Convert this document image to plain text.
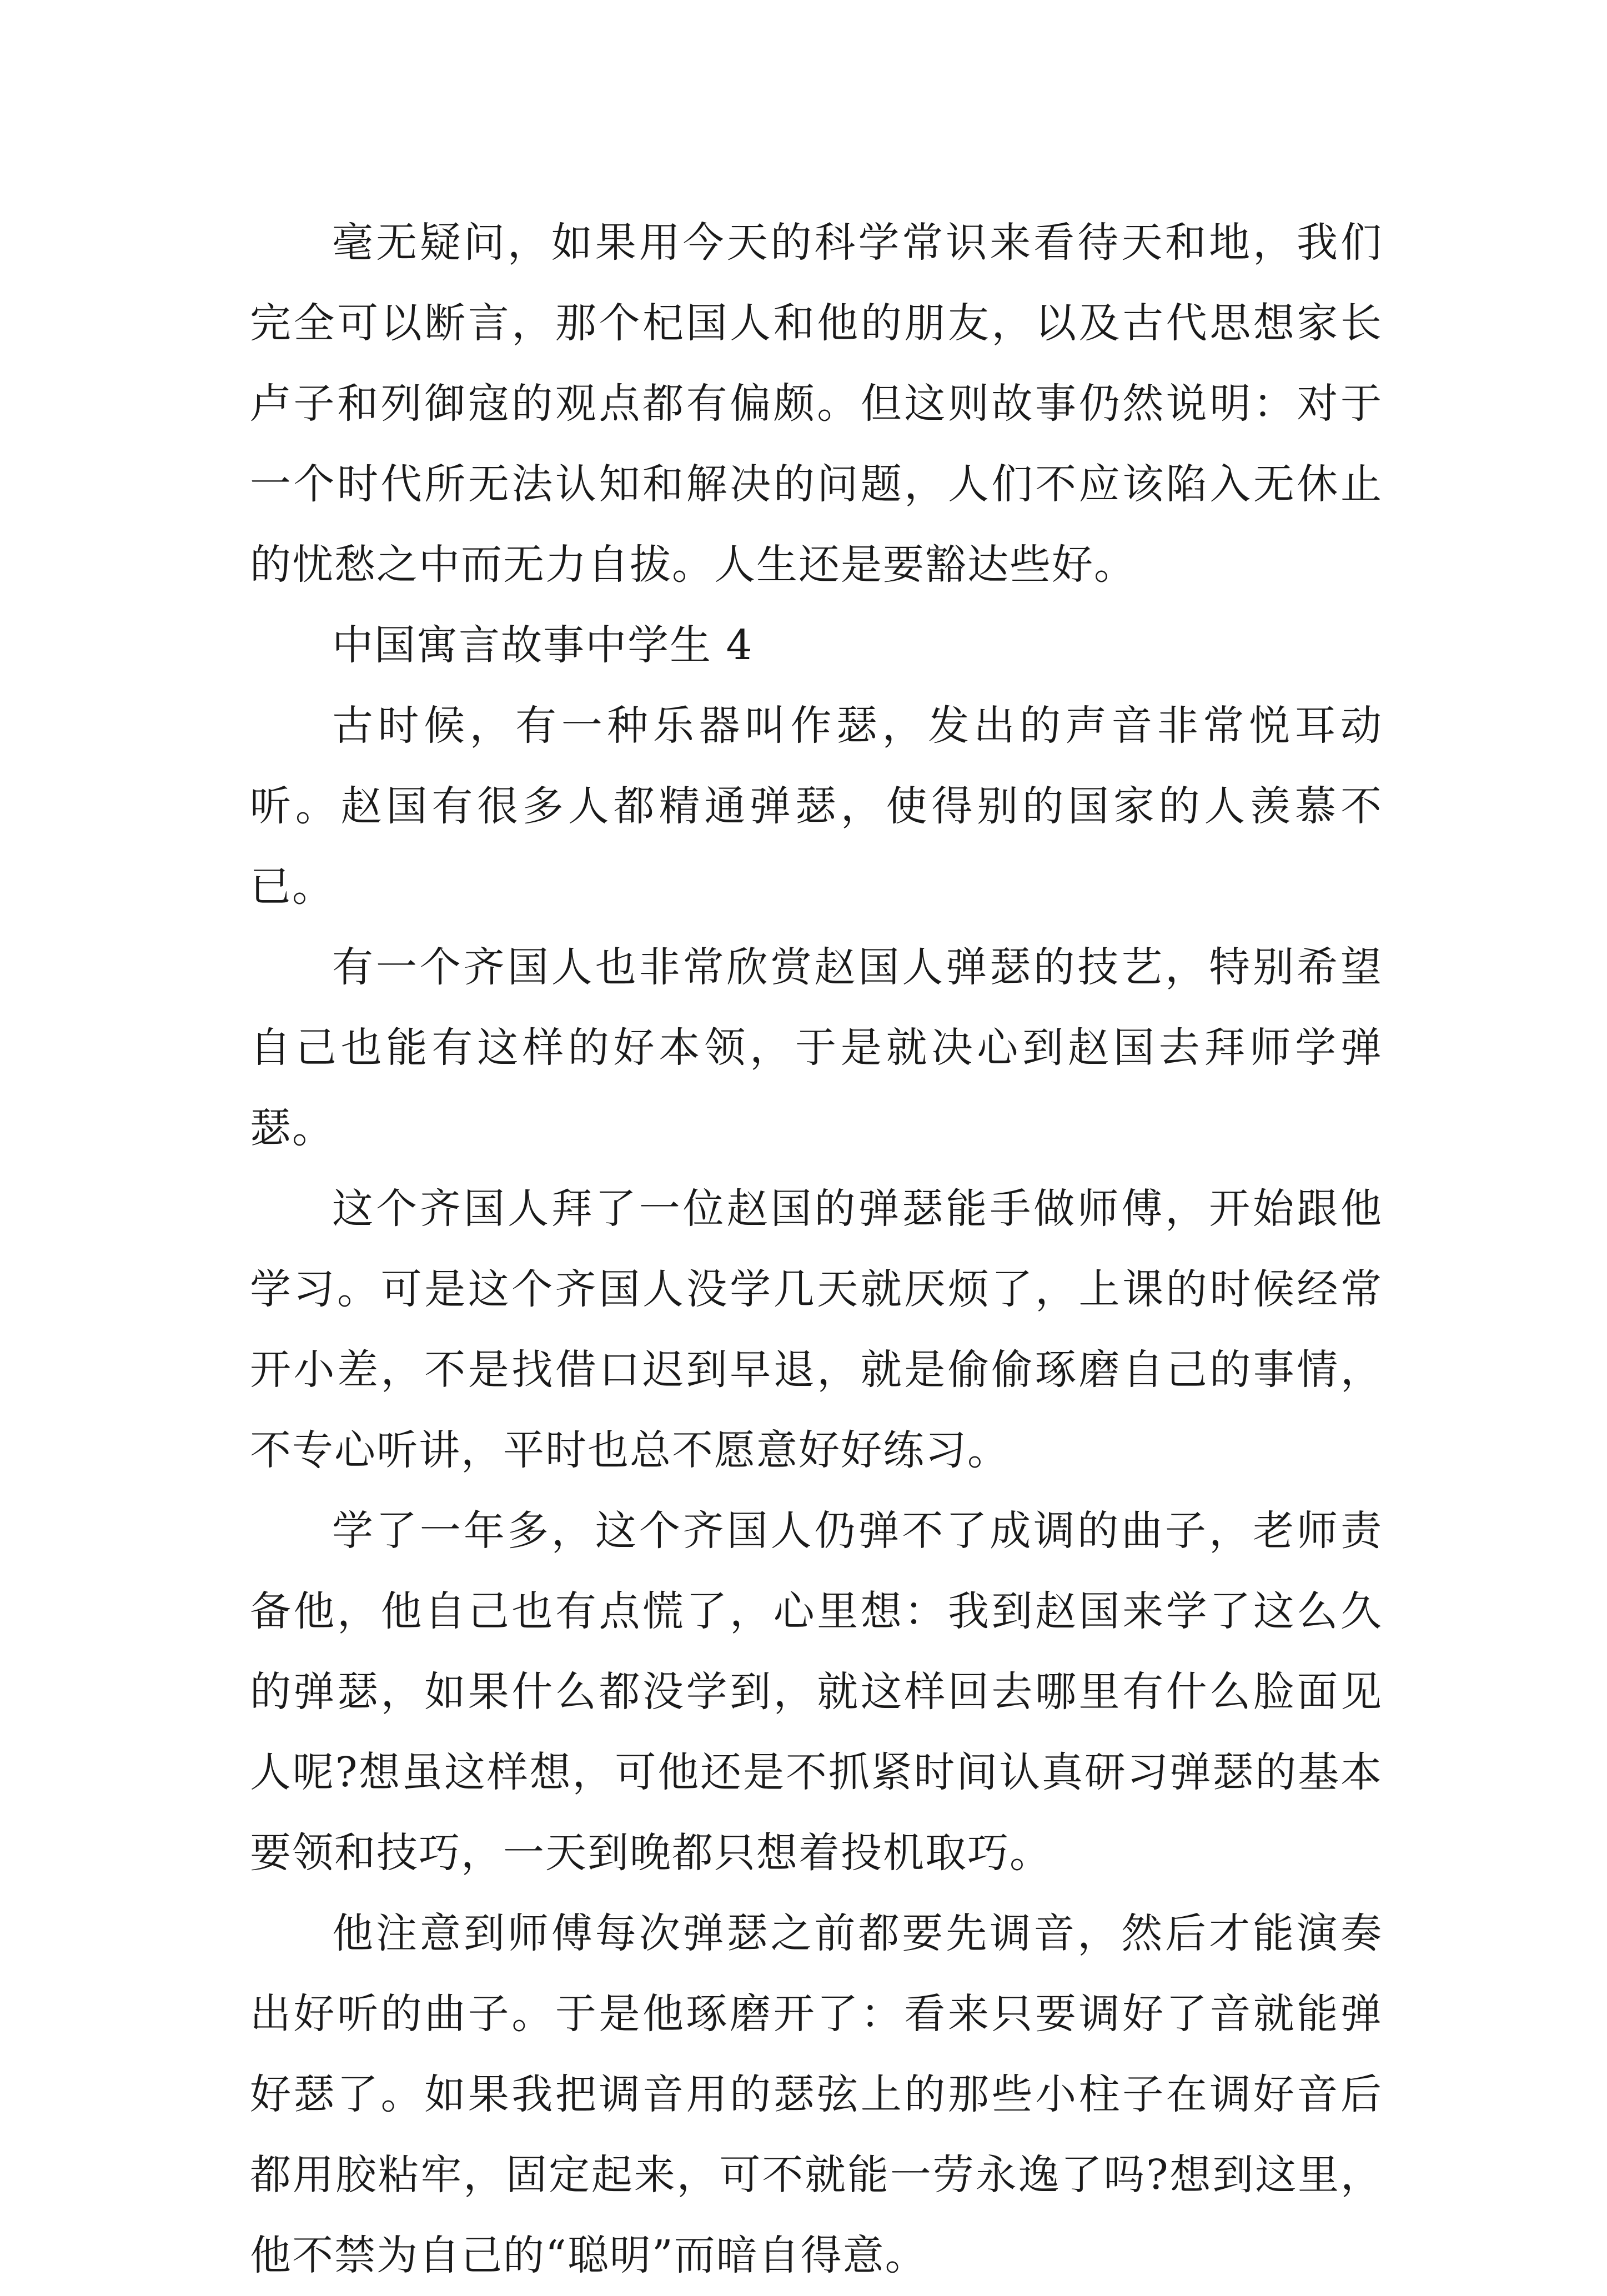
毫无疑问，如果用今天的科学常识来看待天和地，我们完全可以断言，那个杞国人和他的朋友，以及古代思想家长卢子和列御寇的观点都有偏颇。但这则故事仍然说明：对于一个时代所无法认知和解决的问题，人们不应该陷入无休止的忧愁之中而无力自拔。人生还是要豁达些好。

中国寓言故事中学生 4

古时候，有一种乐器叫作瑟，发出的声音非常悦耳动听。赵国有很多人都精通弹瑟，使得别的国家的人羡慕不已。

有一个齐国人也非常欣赏赵国人弹瑟的技艺，特别希望自己也能有这样的好本领，于是就决心到赵国去拜师学弹瑟。

这个齐国人拜了一位赵国的弹瑟能手做师傅，开始跟他学习。可是这个齐国人没学几天就厌烦了，上课的时候经常开小差，不是找借口迟到早退，就是偷偷琢磨自己的事情，不专心听讲，平时也总不愿意好好练习。

学了一年多，这个齐国人仍弹不了成调的曲子，老师责备他，他自己也有点慌了，心里想：我到赵国来学了这么久的弹瑟，如果什么都没学到，就这样回去哪里有什么脸面见人呢?想虽这样想，可他还是不抓紧时间认真研习弹瑟的基本要领和技巧，一天到晚都只想着投机取巧。

他注意到师傅每次弹瑟之前都要先调音，然后才能演奏出好听的曲子。于是他琢磨开了：看来只要调好了音就能弹好瑟了。如果我把调音用的瑟弦上的那些小柱子在调好音后都用胶粘牢，固定起来，可不就能一劳永逸了吗?想到这里，他不禁为自己的“聪明”而暗自得意。
